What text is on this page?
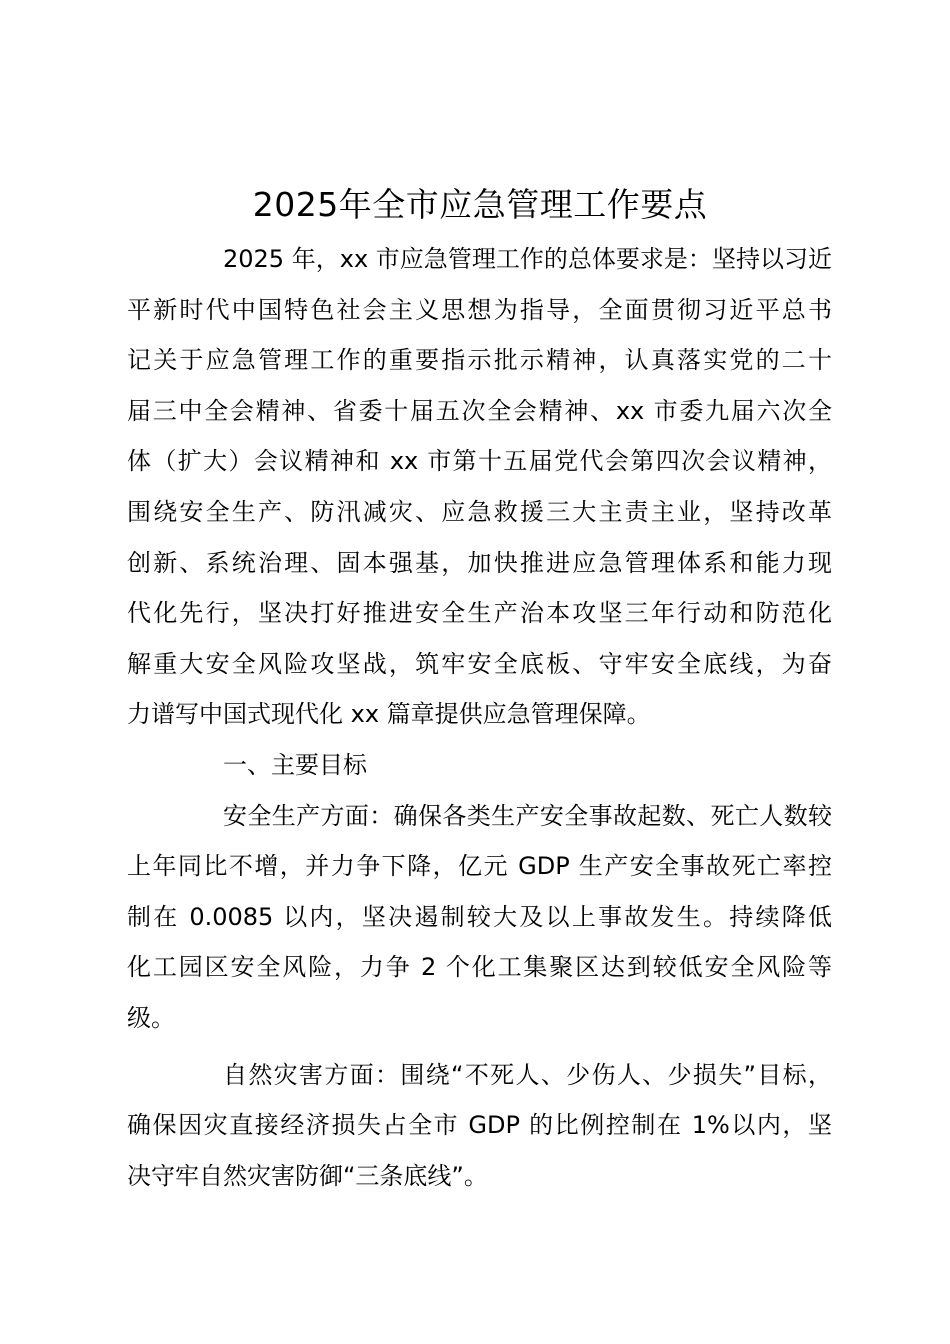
2025年全市应急管理工作要点

2025 年，xx 市应急管理工作的总体要求是：坚持以习近
平新时代中国特色社会主义思想为指导，全面贯彻习近平总书
记关于应急管理工作的重要指示批示精神，认真落实党的二十
届三中全会精神、省委十届五次全会精神、xx 市委九届六次全
体（扩大）会议精神和 xx 市第十五届党代会第四次会议精神，
围绕安全生产、防汛减灾、应急救援三大主责主业，坚持改革
创新、系统治理、固本强基，加快推进应急管理体系和能力现
代化先行，坚决打好推进安全生产治本攻坚三年行动和防范化
解重大安全风险攻坚战，筑牢安全底板、守牢安全底线，为奋
力谱写中国式现代化 xx 篇章提供应急管理保障。

一、主要目标

安全生产方面：确保各类生产安全事故起数、死亡人数较
上年同比不增，并力争下降，亿元 GDP 生产安全事故死亡率控
制在 0.0085 以内，坚决遏制较大及以上事故发生。持续降低
化工园区安全风险，力争 2 个化工集聚区达到较低安全风险等
级。

自然灾害方面：围绕“不死人、少伤人、少损失”目标，
确保因灾直接经济损失占全市 GDP 的比例控制在 1%以内，坚
决守牢自然灾害防御“三条底线”。
